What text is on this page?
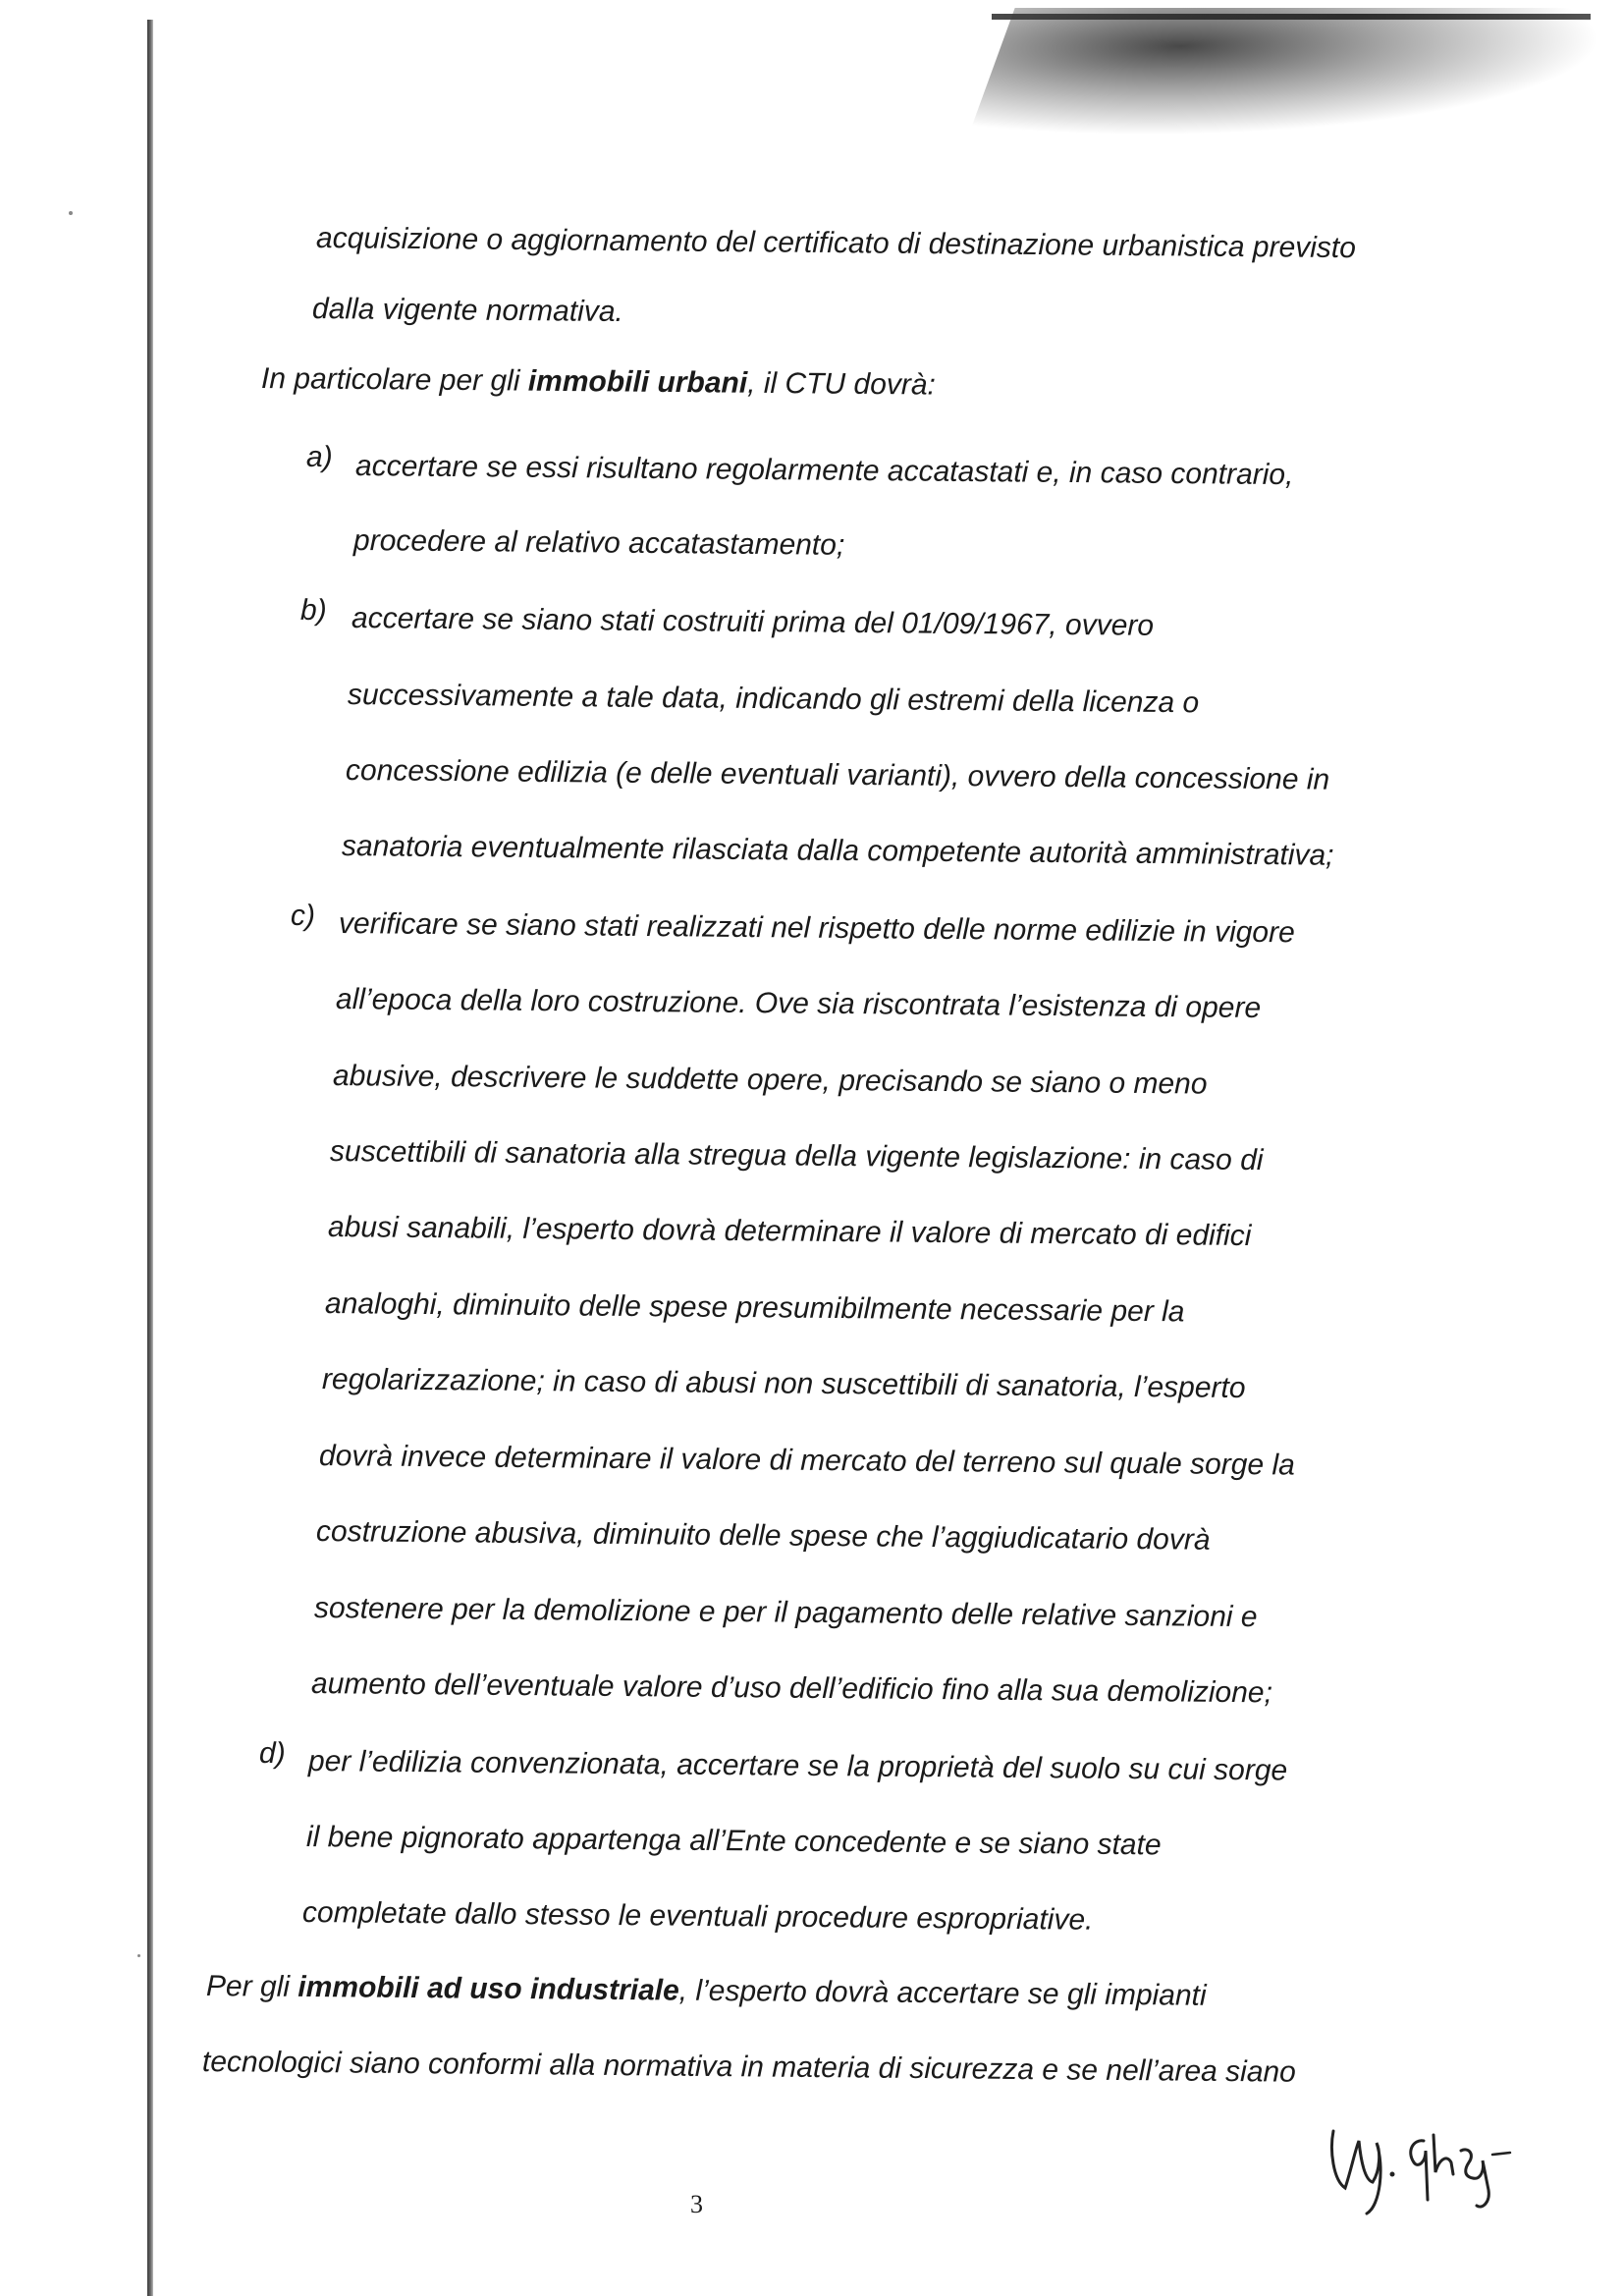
acquisizione o aggiornamento del certificato di destinazione urbanistica previsto
dalla vigente normativa.
In particolare per gli immobili urbani, il CTU dovrà:
a) accertare se essi risultano regolarmente accatastati e, in caso contrario,
procedere al relativo accatastamento;
b) accertare se siano stati costruiti prima del 01/09/1967, ovvero
successivamente a tale data, indicando gli estremi della licenza o
concessione edilizia (e delle eventuali varianti), ovvero della concessione in
sanatoria eventualmente rilasciata dalla competente autorità amministrativa;
c) verificare se siano stati realizzati nel rispetto delle norme edilizie in vigore
all’epoca della loro costruzione. Ove sia riscontrata l’esistenza di opere
abusive, descrivere le suddette opere, precisando se siano o meno
suscettibili di sanatoria alla stregua della vigente legislazione: in caso di
abusi sanabili, l’esperto dovrà determinare il valore di mercato di edifici
analoghi, diminuito delle spese presumibilmente necessarie per la
regolarizzazione; in caso di abusi non suscettibili di sanatoria, l’esperto
dovrà invece determinare il valore di mercato del terreno sul quale sorge la
costruzione abusiva, diminuito delle spese che l’aggiudicatario dovrà
sostenere per la demolizione e per il pagamento delle relative sanzioni e
aumento dell’eventuale valore d’uso dell’edificio fino alla sua demolizione;
d) per l’edilizia convenzionata, accertare se la proprietà del suolo su cui sorge
il bene pignorato appartenga all’Ente concedente e se siano state
completate dallo stesso le eventuali procedure espropriative.
Per gli immobili ad uso industriale, l’esperto dovrà accertare se gli impianti
tecnologici siano conformi alla normativa in materia di sicurezza e se nell’area siano
3
